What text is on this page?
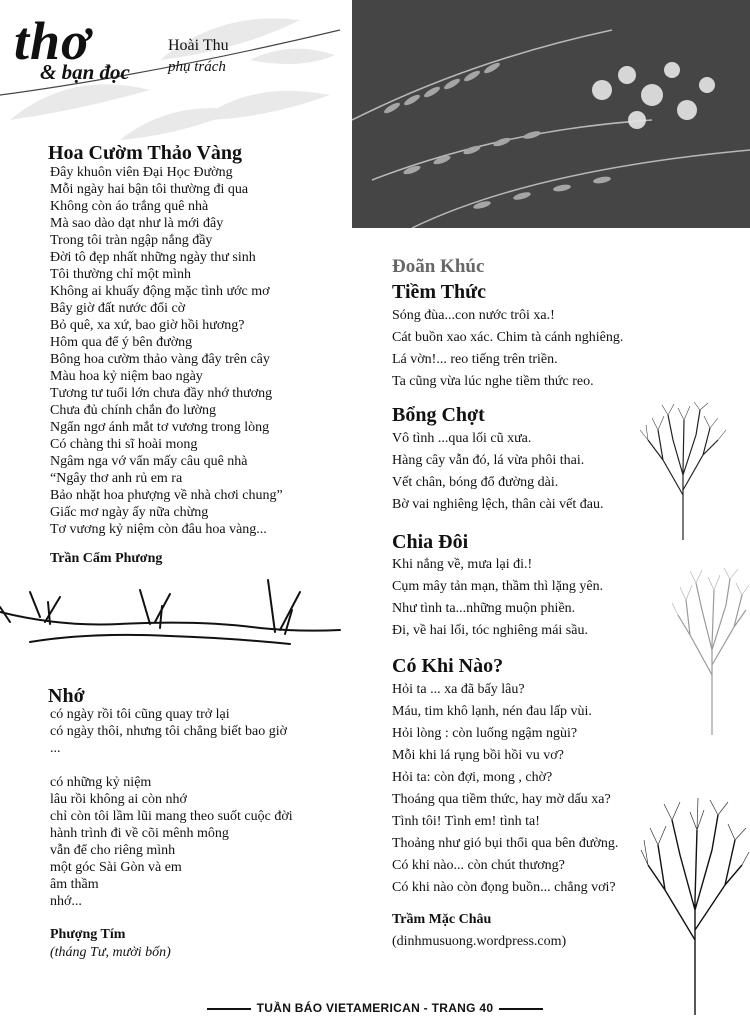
thơ
& bạn đọc
Hoài Thu
phụ trách
Hoa Cườm Thảo Vàng
Đây khuôn viên Đại Học Đường
Mỗi ngày hai bận tôi thường đi qua
Không còn áo trắng quê nhà
Mà sao dào dạt như là mới đây
Trong tôi tràn ngập nắng đầy
Đời tô đẹp nhất những ngày thư sinh
Tôi thường chỉ một mình
Không ai khuấy động mặc tình ước mơ
Bây giờ đất nước đổi cờ
Bỏ quê, xa xứ, bao giờ hồi hương?
Hôm qua để ý bên đường
Bông hoa cườm thảo vàng đây trên cây
Màu hoa kỷ niệm bao ngày
Tương tư tuổi lớn chưa đầy nhớ thương
Chưa đủ chính chắn đo lường
Ngẩn ngơ ánh mắt tơ vương trong lòng
Có chàng thi sĩ hoài mong
Ngâm nga vớ vẩn mấy câu quê nhà
“Ngây thơ anh rủ em ra
Bảo nhặt hoa phượng về nhà chơi chung”
Giấc mơ ngày ấy nữa chừng
Tơ vương kỷ niệm còn đâu hoa vàng...
Trần Cẩm Phương
Nhớ
có ngày rồi tôi cũng quay trở lại
có ngày thôi, nhưng tôi chẳng biết bao giờ
...
có những kỷ niệm
lâu rồi không ai còn nhớ
chỉ còn tôi lầm lũi mang theo suốt cuộc đời
hành trình đi về cõi mênh mông
vẫn để cho riêng mình
một góc Sài Gòn và em
âm thầm
nhớ...
Phượng Tím
(tháng Tư, mười bốn)
Đoãn Khúc
Tiềm Thức
Sóng đùa...con nước trôi xa.!
Cát buồn xao xác. Chim tà cánh nghiêng.
Lá vờn!... reo tiếng trên triền.
Ta cũng vừa lúc nghe tiềm thức reo.
Bổng Chợt
Vô tình ...qua lối cũ xưa.
Hàng cây vẫn đó, lá vừa phôi thai.
Vết chân, bóng đổ đường dài.
Bờ vai nghiêng lệch, thân cài vết đau.
Chia Đôi
Khi nắng về, mưa lại đi.!
Cụm mây tản mạn, thầm thì lặng yên.
Như tình ta...những muộn phiền.
Đi, về hai lối, tóc nghiêng mái sầu.
Có Khi Nào?
Hỏi ta ... xa đã bấy lâu?
Máu, tim khô lạnh, nén đau lấp vùi.
Hỏi lòng : còn luống ngậm ngùi?
Mỗi khi lá rụng bồi hồi vu vơ?
Hỏi ta: còn đợi, mong , chờ?
Thoáng qua tiềm thức, hay mờ dấu xa?
Tình tôi! Tình em! tình ta!
Thoảng như gió bụi thổi qua bên đường.
Có khi nào... còn chút thương?
Có khi nào còn đọng buồn... chẳng vơi?
Trầm Mặc Châu
(dinhmusuong.wordpress.com)
TUẦN BÁO VIETAMERICAN - TRANG 40
